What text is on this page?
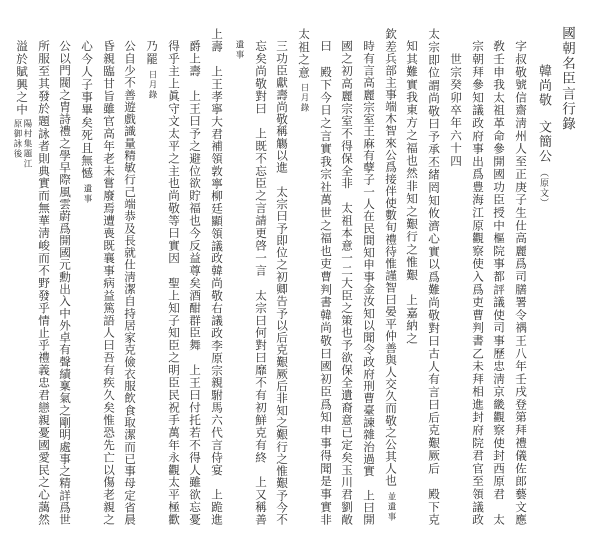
國朝名臣言行錄
韓尚敬
文簡公
（原文）
字叔敬號信齋淸州人至正庚子生仕高麗爲司膳署令禑王八年壬戌登第拜禮儀佐郎藝文應
敎壬申我太祖革命參開國功臣授中樞院事都評議使司事歷忠淸京畿觀察使封西原君　太
宗朝拜參知議政府事出爲豊海江原觀察使入爲吏曹判書乙未拜相進封府院君官至領議政
世宗癸卯卒年六十四
太宗即位謂尚敬曰予承丕緒罔知攸濟心實以爲難尚敬對曰古人有言曰后克艱厥后　殿下克
知其難實我東方之福也然非知之艱行之惟艱　上嘉納之
欽差兵部主事端木智來公爲接伴使數旬禮待惟謹智曰晏平仲善與人交久而敬之公其人也
並遺事
時有言高麗宗室王麻有孽子一人在民間知申事金汝知以聞令政府刑曹臺諫雜治過實　上曰開
國之初高麗宗室不得保全非　太祖本意一二大臣之策也予欲保全遺裔意已定矣玉川君劉敞
曰　殿下今日之言實我宗社萬世之福也吏曹判書韓尚敬曰國初臣爲知申事得聞是事實非
太祖之意
日月錄
三功臣獻壽尚敬稱觴以進　太宗曰予即位之初卿告予以后克艱厥后非知之艱行之惟艱予今不
忘矣尚敬對曰　上既不忘臣之言請更啓一言　太宗曰何對曰靡不有初鮮克有終　上又稱善
遺事
上壽　上王孝寧大君補領敦寧柳廷顯領議政韓尚敬右議政李原宗親駙馬六代言侍宴　上跪進
爵上壽　上王曰予之避位欲貯福也今反益尊矣酒酣群臣舞　上王曰付托若不得人雖欲忘憂
得乎主上眞守文太平之主也尚敬等曰實因　聖上知子知臣之明臣民祝手萬年永觀太平極歡
乃罷
日月錄
公自少不善遊戲識量精敏行己端恭及長就仕淸潔自持居家克儉衣服飲食取潔而已事母定省晨
昏親臨甘旨雖官高年老未嘗廢焉遭喪既襄事病益篤語人曰吾有疾久矣惟恐先亡以傷老親之
心今人子事畢矣死且無憾
遺事
公以門閥之胄詩禮之學早際風雲蔚爲開國元勳出入中外卓有聲績稟氣之剛明處事之精詳爲世
所服至其發於題詠者則典實而無華淸峻而不野發乎情止乎禮義忠君戀親憂國愛民之心藹然
溢於賦興之中
陽村集題江
原御詠後
